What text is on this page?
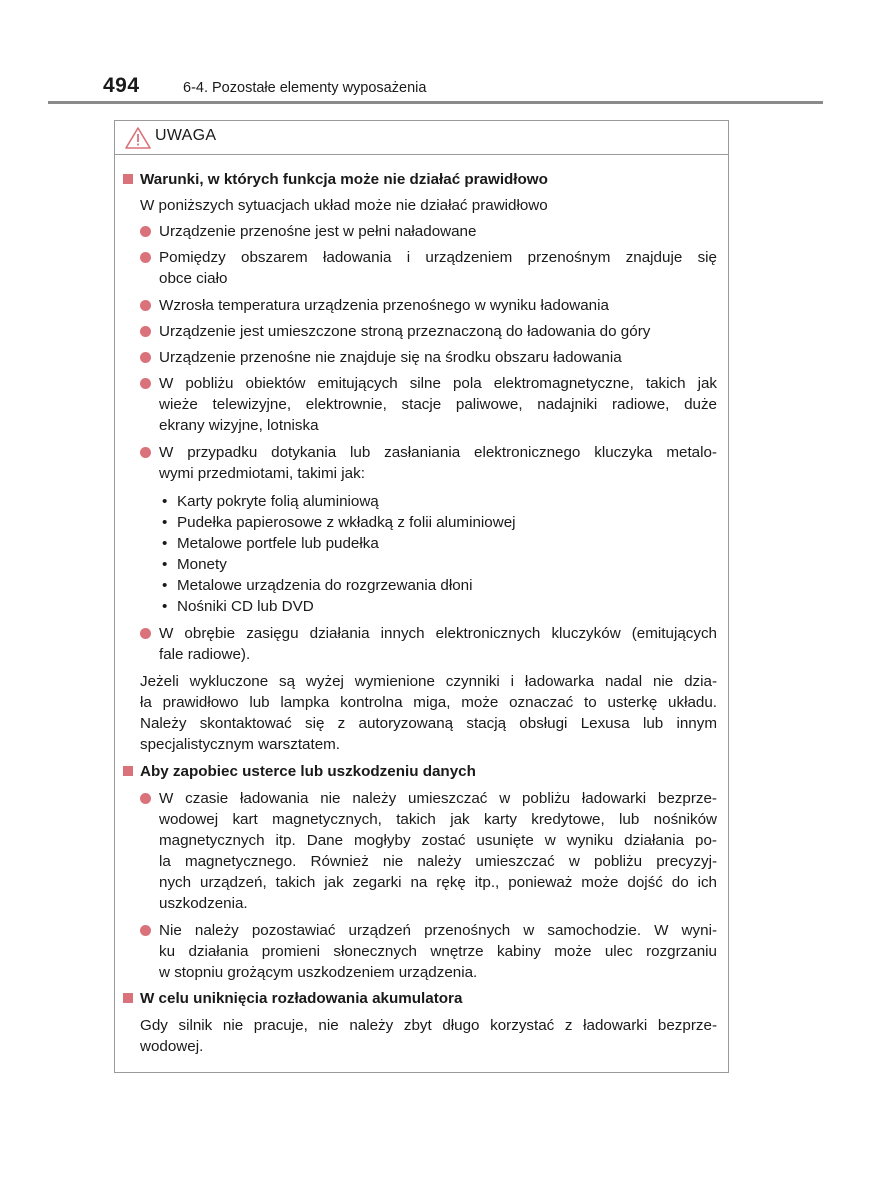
494	6-4. Pozostałe elementy wyposażenia
UWAGA
Warunki, w których funkcja może nie działać prawidłowo
W poniższych sytuacjach układ może nie działać prawidłowo
Urządzenie przenośne jest w pełni naładowane
Pomiędzy obszarem ładowania i urządzeniem przenośnym znajduje się
obce ciało
Wzrosła temperatura urządzenia przenośnego w wyniku ładowania
Urządzenie jest umieszczone stroną przeznaczoną do ładowania do góry
Urządzenie przenośne nie znajduje się na środku obszaru ładowania
W pobliżu obiektów emitujących silne pola elektromagnetyczne, takich jak
wieże telewizyjne, elektrownie, stacje paliwowe, nadajniki radiowe, duże
ekrany wizyjne, lotniska
W przypadku dotykania lub zasłaniania elektronicznego kluczyka metalo-
wymi przedmiotami, takimi jak:
• Karty pokryte folią aluminiową
• Pudełka papierosowe z wkładką z folii aluminiowej
• Metalowe portfele lub pudełka
• Monety
• Metalowe urządzenia do rozgrzewania dłoni
• Nośniki CD lub DVD
W obrębie zasięgu działania innych elektronicznych kluczyków (emitujących
fale radiowe).
Jeżeli wykluczone są wyżej wymienione czynniki i ładowarka nadal nie dzia-
ła prawidłowo lub lampka kontrolna miga, może oznaczać to usterkę układu.
Należy skontaktować się z autoryzowaną stacją obsługi Lexusa lub innym
specjalistycznym warsztatem.
Aby zapobiec usterce lub uszkodzeniu danych
W czasie ładowania nie należy umieszczać w pobliżu ładowarki bezprze-
wodowej kart magnetycznych, takich jak karty kredytowe, lub nośników
magnetycznych itp. Dane mogłyby zostać usunięte w wyniku działania po-
la magnetycznego. Również nie należy umieszczać w pobliżu precyzyj-
nych urządzeń, takich jak zegarki na rękę itp., ponieważ może dojść do ich
uszkodzenia.
Nie należy pozostawiać urządzeń przenośnych w samochodzie. W wyni-
ku działania promieni słonecznych wnętrze kabiny może ulec rozgrzaniu
w stopniu grożącym uszkodzeniem urządzenia.
W celu uniknięcia rozładowania akumulatora
Gdy silnik nie pracuje, nie należy zbyt długo korzystać z ładowarki bezprze-
wodowej.
